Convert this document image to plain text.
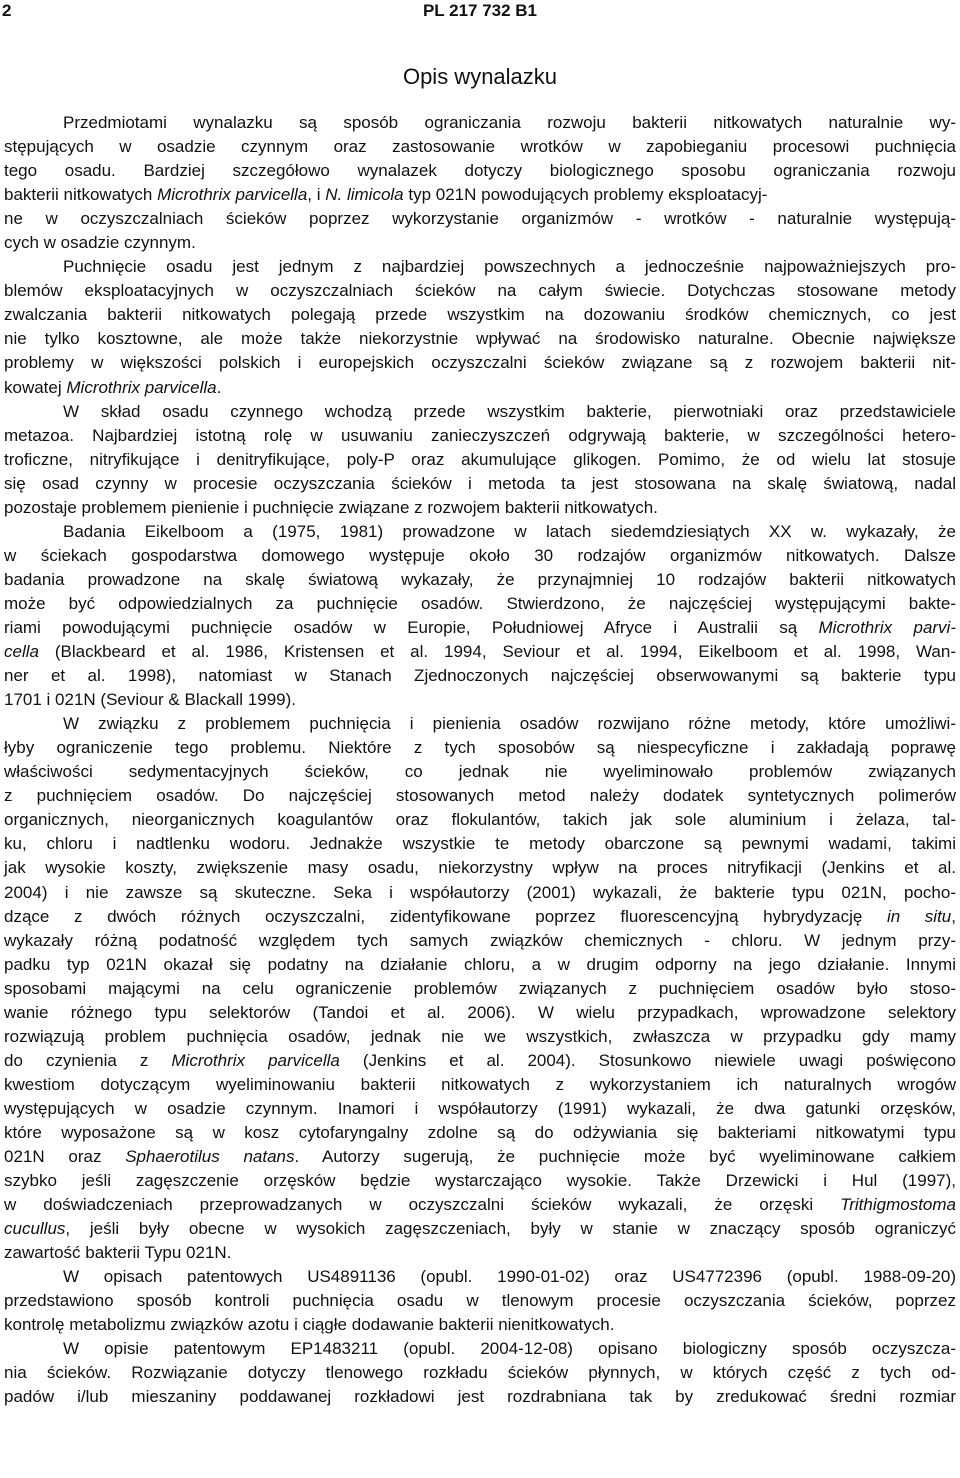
2	PL 217 732 B1
Opis wynalazku
Przedmiotami wynalazku są sposób ograniczania rozwoju bakterii nitkowatych naturalnie wy-
stępujących w osadzie czynnym oraz zastosowanie wrotków w zapobieganiu procesowi puchnięcia
tego osadu. Bardziej szczegółowo wynalazek dotyczy biologicznego sposobu ograniczania rozwoju
bakterii nitkowatych Microthrix parvicella, i N. limicola typ 021N powodujących problemy eksploatacyj-
ne w oczyszczalniach ścieków poprzez wykorzystanie organizmów - wrotków - naturalnie występują-
cych w osadzie czynnym.
Puchnięcie osadu jest jednym z najbardziej powszechnych a jednocześnie najpoważniejszych pro-
blemów eksploatacyjnych w oczyszczalniach ścieków na całym świecie. Dotychczas stosowane metody
zwalczania bakterii nitkowatych polegają przede wszystkim na dozowaniu środków chemicznych, co jest
nie tylko kosztowne, ale może także niekorzystnie wpływać na środowisko naturalne. Obecnie największe
problemy w większości polskich i europejskich oczyszczalni ścieków związane są z rozwojem bakterii nit-
kowatej Microthrix parvicella.
W skład osadu czynnego wchodzą przede wszystkim bakterie, pierwotniaki oraz przedstawiciele
metazoa. Najbardziej istotną rolę w usuwaniu zanieczyszczeń odgrywają bakterie, w szczególności hetero-
troficzne, nitryfikujące i denitryfikujące, poly-P oraz akumulujące glikogen. Pomimo, że od wielu lat stosuje
się osad czynny w procesie oczyszczania ścieków i metoda ta jest stosowana na skalę światową, nadal
pozostaje problemem pienienie i puchnięcie związane z rozwojem bakterii nitkowatych.
Badania Eikelboom a (1975, 1981) prowadzone w latach siedemdziesiątych XX w. wykazały, że
w ściekach gospodarstwa domowego występuje około 30 rodzajów organizmów nitkowatych. Dalsze
badania prowadzone na skalę światową wykazały, że przynajmniej 10 rodzajów bakterii nitkowatych
może być odpowiedzialnych za puchnięcie osadów. Stwierdzono, że najczęściej występującymi bakte-
riami powodującymi puchnięcie osadów w Europie, Południowej Afryce i Australii są Microthrix parvi-
cella (Blackbeard et al. 1986, Kristensen et al. 1994, Seviour et al. 1994, Eikelboom et al. 1998, Wan-
ner et al. 1998), natomiast w Stanach Zjednoczonych najczęściej obserwowanymi są bakterie typu
1701 i 021N (Seviour & Blackall 1999).
W związku z problemem puchnięcia i pienienia osadów rozwijano różne metody, które umożliwi-
łyby ograniczenie tego problemu. Niektóre z tych sposobów są niespecyficzne i zakładają poprawę
właściwości sedymentacyjnych ścieków, co jednak nie wyeliminowało problemów związanych
z puchnięciem osadów. Do najczęściej stosowanych metod należy dodatek syntetycznych polimerów
organicznych, nieorganicznych koagulantów oraz flokulantów, takich jak sole aluminium i żelaza, tal-
ku, chloru i nadtlenku wodoru. Jednakże wszystkie te metody obarczone są pewnymi wadami, takimi
jak wysokie koszty, zwiększenie masy osadu, niekorzystny wpływ na proces nitryfikacji (Jenkins et al.
2004) i nie zawsze są skuteczne. Seka i współautorzy (2001) wykazali, że bakterie typu 021N, pocho-
dzące z dwóch różnych oczyszczalni, zidentyfikowane poprzez fluorescencyjną hybrydyzację in situ,
wykazały różną podatność względem tych samych związków chemicznych - chloru. W jednym przy-
padku typ 021N okazał się podatny na działanie chloru, a w drugim odporny na jego działanie. Innymi
sposobami mającymi na celu ograniczenie problemów związanych z puchnięciem osadów było stoso-
wanie różnego typu selektorów (Tandoi et al. 2006). W wielu przypadkach, wprowadzone selektory
rozwiązują problem puchnięcia osadów, jednak nie we wszystkich, zwłaszcza w przypadku gdy mamy
do czynienia z Microthrix parvicella (Jenkins et al. 2004). Stosunkowo niewiele uwagi poświęcono
kwestiom dotyczącym wyeliminowaniu bakterii nitkowatych z wykorzystaniem ich naturalnych wrogów
występujących w osadzie czynnym. Inamori i współautorzy (1991) wykazali, że dwa gatunki orzęsków,
które wyposażone są w kosz cytofaryngalny zdolne są do odżywiania się bakteriami nitkowatymi typu
021N oraz Sphaerotilus natans. Autorzy sugerują, że puchnięcie może być wyeliminowane całkiem
szybko jeśli zagęszczenie orzęsków będzie wystarczająco wysokie. Także Drzewicki i Hul (1997),
w doświadczeniach przeprowadzanych w oczyszczalni ścieków wykazali, że orzęski Trithigmostoma
cucullus, jeśli były obecne w wysokich zagęszczeniach, były w stanie w znaczący sposób ograniczyć
zawartość bakterii Typu 021N.
W opisach patentowych US4891136 (opubl. 1990-01-02) oraz US4772396 (opubl. 1988-09-20)
przedstawiono sposób kontroli puchnięcia osadu w tlenowym procesie oczyszczania ścieków, poprzez
kontrolę metabolizmu związków azotu i ciągłe dodawanie bakterii nienitkowatych.
W opisie patentowym EP1483211 (opubl. 2004-12-08) opisano biologiczny sposób oczyszcza-
nia ścieków. Rozwiązanie dotyczy tlenowego rozkładu ścieków płynnych, w których część z tych od-
padów i/lub mieszaniny poddawanej rozkładowi jest rozdrabniana tak by zredukować średni rozmiar
